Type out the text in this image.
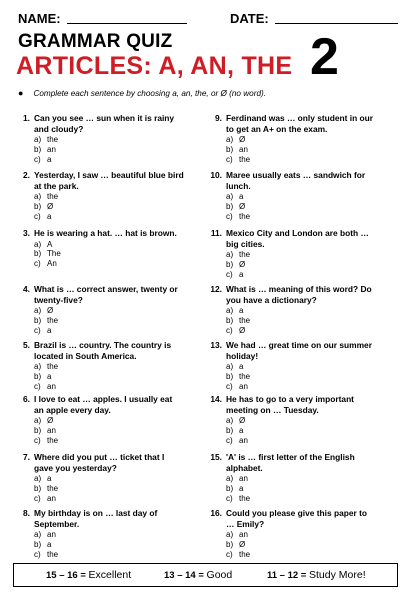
NAME:	DATE:
GRAMMAR QUIZ
ARTICLES: A, AN, THE 2
● Complete each sentence by choosing a, an, the, or Ø (no word).
1. Can you see … sun when it is rainy and cloudy?
a) the
b) an
c) a
2. Yesterday, I saw … beautiful blue bird at the park.
a) the
b) Ø
c) a
3. He is wearing a hat. … hat is brown.
a) A
b) The
c) An
4. What is … correct answer, twenty or twenty-five?
a) Ø
b) the
c) a
5. Brazil is … country. The country is located in South America.
a) the
b) a
c) an
6. I love to eat … apples. I usually eat an apple every day.
a) Ø
b) an
c) the
7. Where did you put … ticket that I gave you yesterday?
a) a
b) the
c) an
8. My birthday is on … last day of September.
a) an
b) a
c) the
9. Ferdinand was … only student in our to get an A+ on the exam.
a) Ø
b) an
c) the
10. Maree usually eats … sandwich for lunch.
a) a
b) Ø
c) the
11. Mexico City and London are both … big cities.
a) the
b) Ø
c) a
12. What is … meaning of this word? Do you have a dictionary?
a) a
b) the
c) Ø
13. We had … great time on our summer holiday!
a) a
b) the
c) an
14. He has to go to a very important meeting on … Tuesday.
a) Ø
b) a
c) an
15. 'A' is … first letter of the English alphabet.
a) an
b) a
c) the
16. Could you please give this paper to … Emily?
a) an
b) Ø
c) the
15 – 16 = Excellent	13 – 14 = Good	11 – 12 = Study More!
